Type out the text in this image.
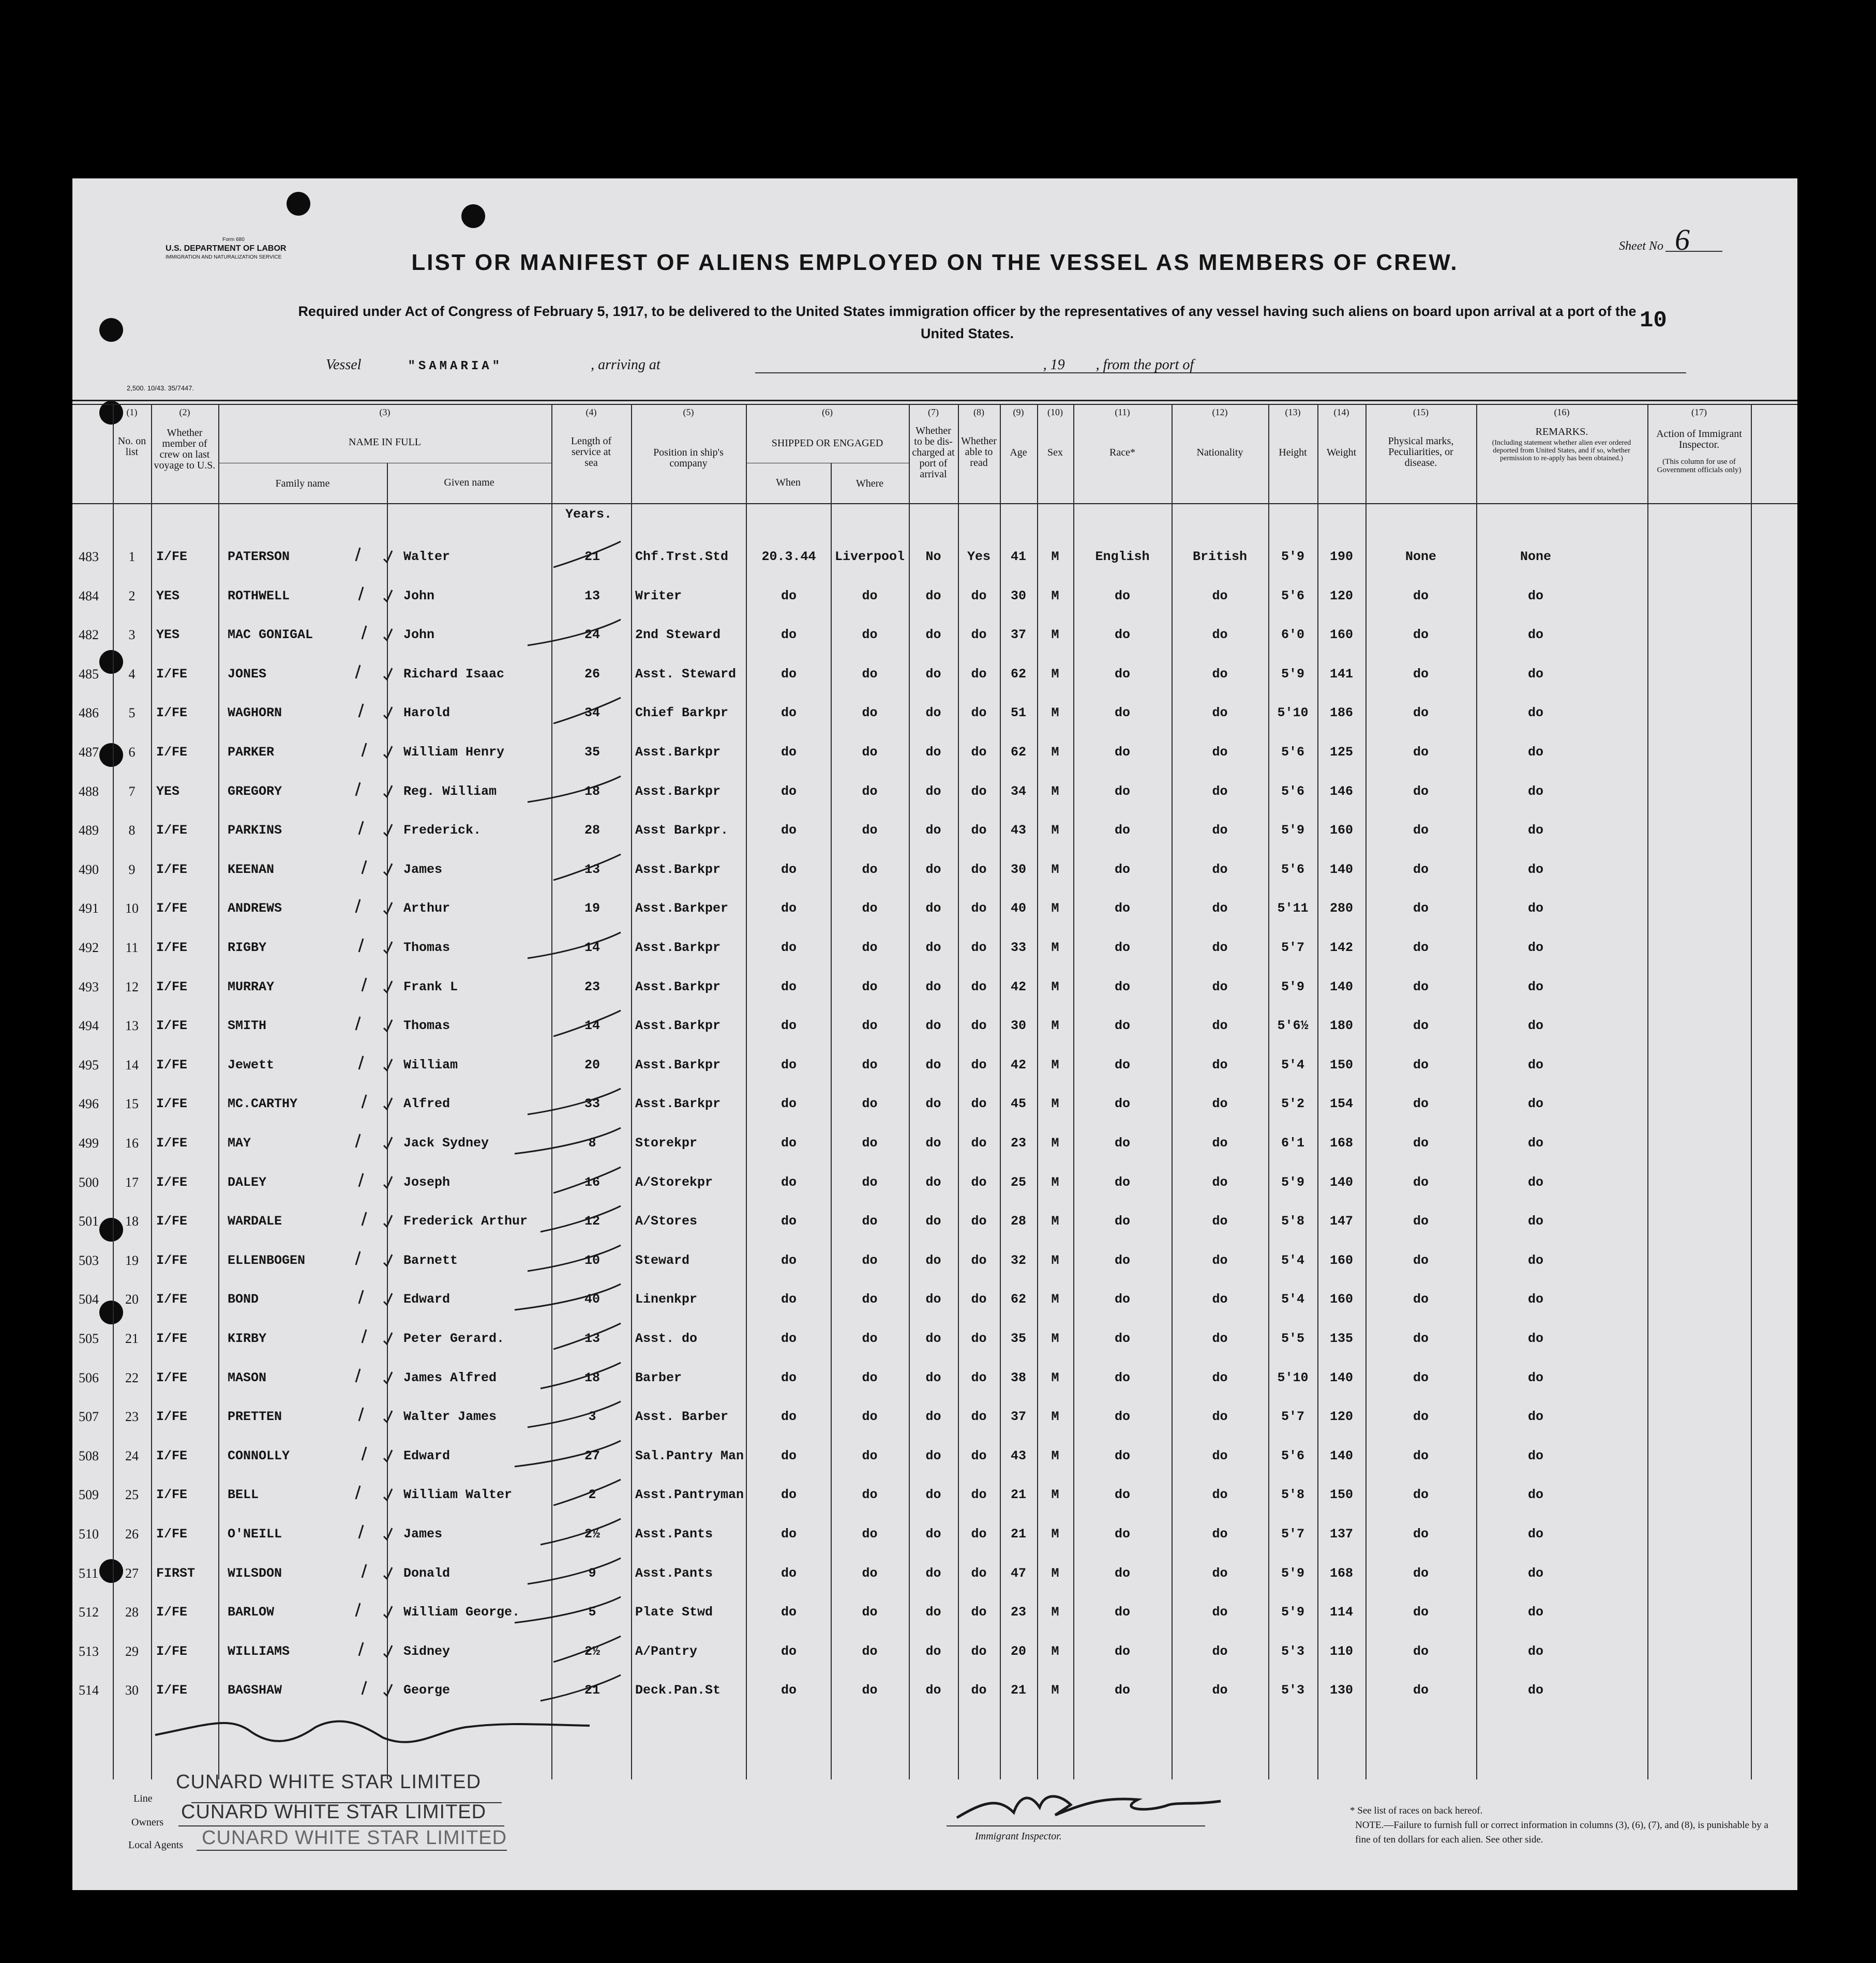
Form 680
U.S. DEPARTMENT OF LABOR
IMMIGRATION AND NATURALIZATION SERVICE
2,500. 10/43. 35/7447.
Sheet No 6
LIST OR MANIFEST OF ALIENS EMPLOYED ON THE VESSEL AS MEMBERS OF CREW.
Required under Act of Congress of February 5, 1917, to be delivered to the United States immigration officer by the representatives of any vessel having such aliens on board upon arrival at a port of the United States.	10
Vessel	"SAMARIA"	, arriving at	, 19 , from the port of
(1)	(2)	(3)	(4)	(5)	(6)	(7)	(8)	(9)	(10)	(11)	(12)	(13)	(14)	(15)	(16)	(17)
No. on list
Whether member of crew on last voyage to U.S.
NAME IN FULL
Family name	Given name
Length of service at sea
Position in ship's company
SHIPPED OR ENGAGED
When	Where
Whether to be dis-charged at port of arrival
Whether able to read
Age	Sex	Race*	Nationality	Height	Weight
Physical marks, Peculiarities, or disease.
REMARKS.
(Including statement whether alien ever ordered deported from United States, and if so, whether permission to re-apply has been obtained.)
Action of Immigrant Inspector.
(This column for use of Government officials only)
Years.
483	1	I/FE	PATERSON	Walter	21	Chf.Trst.Std	20.3.44	Liverpool	No	Yes	41	M	English	British	5'9	190	None	None
484	2	YES	ROTHWELL	John	13	Writer	do	do	do	do	30	M	do	do	5'6	120	do	do
482	3	YES	MAC GONIGAL	John	24	2nd Steward	do	do	do	do	37	M	do	do	6'0	160	do	do
485	4	I/FE	JONES	Richard Isaac	26	Asst. Steward	do	do	do	do	62	M	do	do	5'9	141	do	do
486	5	I/FE	WAGHORN	Harold	34	Chief Barkpr	do	do	do	do	51	M	do	do	5'10	186	do	do
487	6	I/FE	PARKER	William Henry	35	Asst.Barkpr	do	do	do	do	62	M	do	do	5'6	125	do	do
488	7	YES	GREGORY	Reg. William	18	Asst.Barkpr	do	do	do	do	34	M	do	do	5'6	146	do	do
489	8	I/FE	PARKINS	Frederick.	28	Asst Barkpr.	do	do	do	do	43	M	do	do	5'9	160	do	do
490	9	I/FE	KEENAN	James	13	Asst.Barkpr	do	do	do	do	30	M	do	do	5'6	140	do	do
491	10	I/FE	ANDREWS	Arthur	19	Asst.Barkper	do	do	do	do	40	M	do	do	5'11	280	do	do
492	11	I/FE	RIGBY	Thomas	14	Asst.Barkpr	do	do	do	do	33	M	do	do	5'7	142	do	do
493	12	I/FE	MURRAY	Frank L	23	Asst.Barkpr	do	do	do	do	42	M	do	do	5'9	140	do	do
494	13	I/FE	SMITH	Thomas	14	Asst.Barkpr	do	do	do	do	30	M	do	do	5'6½	180	do	do
495	14	I/FE	Jewett	William	20	Asst.Barkpr	do	do	do	do	42	M	do	do	5'4	150	do	do
496	15	I/FE	MC.CARTHY	Alfred	33	Asst.Barkpr	do	do	do	do	45	M	do	do	5'2	154	do	do
499	16	I/FE	MAY	Jack Sydney	8	Storekpr	do	do	do	do	23	M	do	do	6'1	168	do	do
500	17	I/FE	DALEY	Joseph	16	A/Storekpr	do	do	do	do	25	M	do	do	5'9	140	do	do
501	18	I/FE	WARDALE	Frederick Arthur	12	A/Stores	do	do	do	do	28	M	do	do	5'8	147	do	do
503	19	I/FE	ELLENBOGEN	Barnett	10	Steward	do	do	do	do	32	M	do	do	5'4	160	do	do
504	20	I/FE	BOND	Edward	40	Linenkpr	do	do	do	do	62	M	do	do	5'4	160	do	do
505	21	I/FE	KIRBY	Peter Gerard.	13	Asst. do	do	do	do	do	35	M	do	do	5'5	135	do	do
506	22	I/FE	MASON	James Alfred	18	Barber	do	do	do	do	38	M	do	do	5'10	140	do	do
507	23	I/FE	PRETTEN	Walter James	3	Asst. Barber	do	do	do	do	37	M	do	do	5'7	120	do	do
508	24	I/FE	CONNOLLY	Edward	27	Sal.Pantry Man	do	do	do	do	43	M	do	do	5'6	140	do	do
509	25	I/FE	BELL	William Walter	2	Asst.Pantryman	do	do	do	do	21	M	do	do	5'8	150	do	do
510	26	I/FE	O'NEILL	James	2½	Asst.Pants	do	do	do	do	21	M	do	do	5'7	137	do	do
511	27	FIRST	WILSDON	Donald	9	Asst.Pants	do	do	do	do	47	M	do	do	5'9	168	do	do
512	28	I/FE	BARLOW	William George.	5	Plate Stwd	do	do	do	do	23	M	do	do	5'9	114	do	do
513	29	I/FE	WILLIAMS	Sidney	2½	A/Pantry	do	do	do	do	20	M	do	do	5'3	110	do	do
514	30	I/FE	BAGSHAW	George	21	Deck.Pan.St	do	do	do	do	21	M	do	do	5'3	130	do	do
Line
Owners
Local Agents
CUNARD WHITE STAR LIMITED
CUNARD WHITE STAR LIMITED
CUNARD WHITE STAR LIMITED	Immigrant Inspector.
* See list of races on back hereof.
NOTE.—Failure to furnish full or correct information in columns (3), (6), (7), and (8), is punishable by a fine of ten dollars for each alien. See other side.
